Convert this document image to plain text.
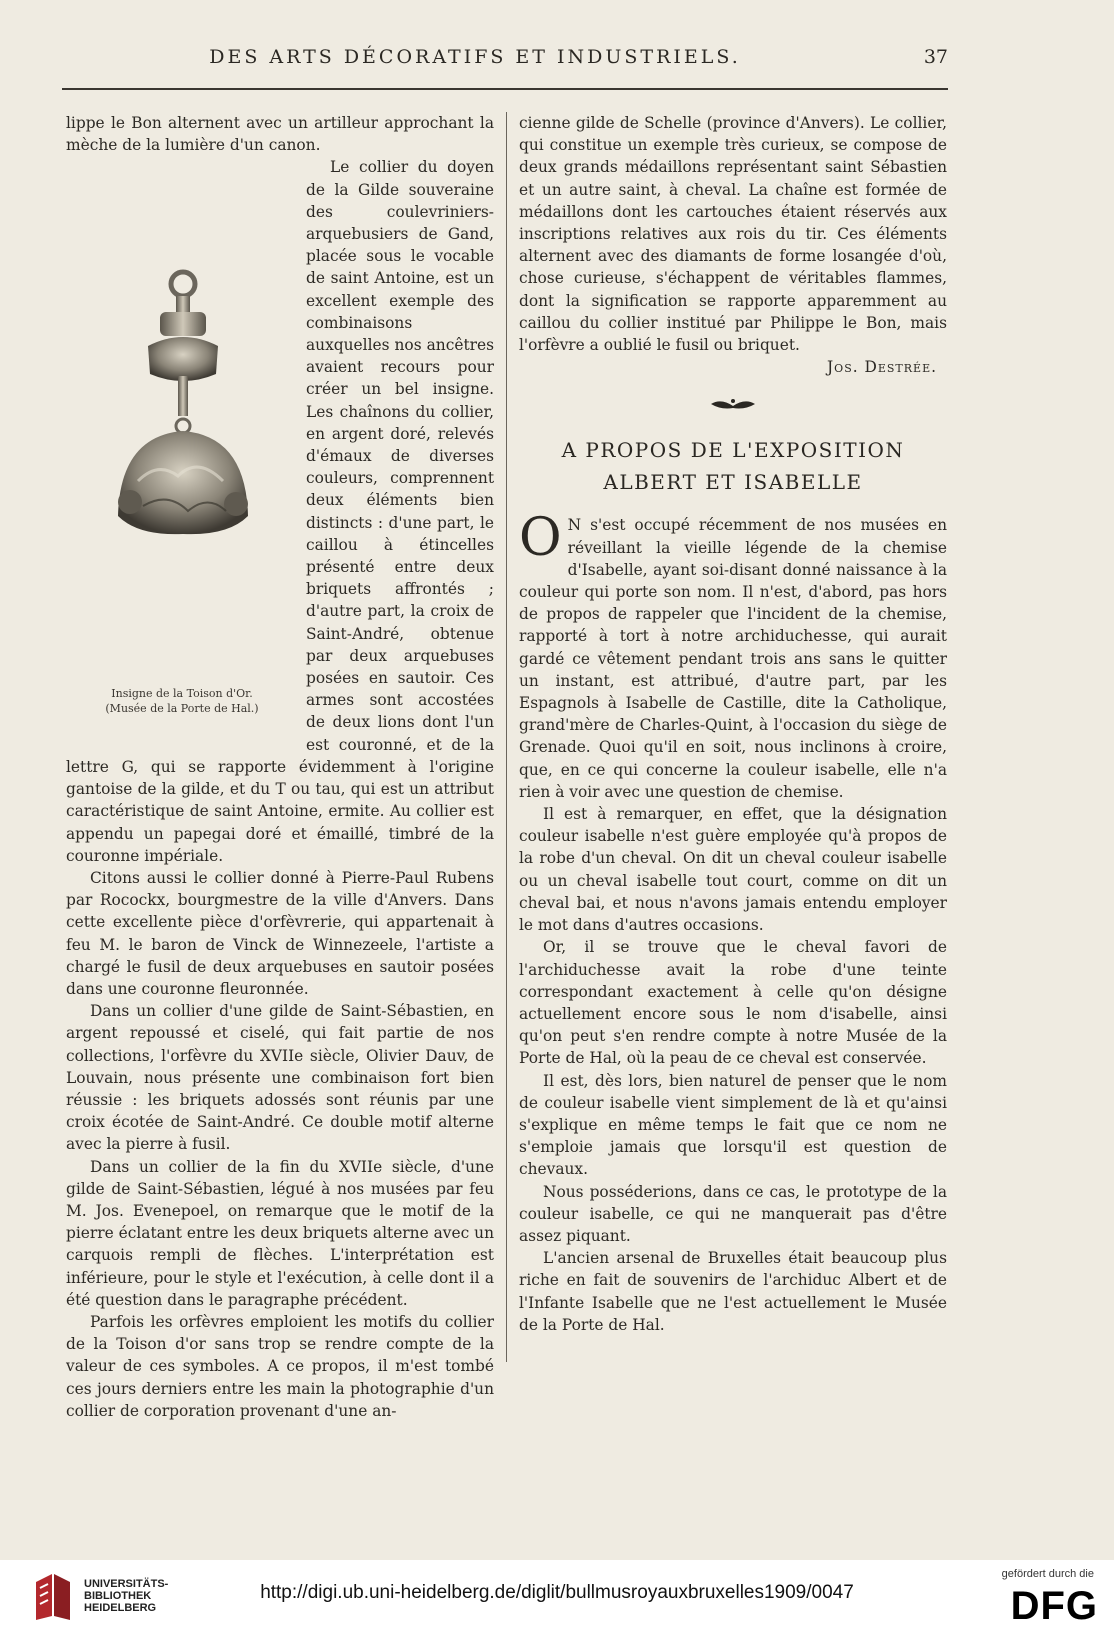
DES ARTS DÉCORATIFS ET INDUSTRIELS.	37

lippe le Bon alternent avec un artilleur approchant la mèche de la lumière d'un canon.

Insigne de la Toison d'Or.
(Musée de la Porte de Hal.)

Le collier du doyen de la Gilde souveraine des coulevriniers-arquebusiers de Gand, placée sous le vocable de saint Antoine, est un excellent exemple des combinaisons auxquelles nos ancêtres avaient recours pour créer un bel insigne. Les chaînons du collier, en argent doré, relevés d'émaux de diverses couleurs, comprennent deux éléments bien distincts : d'une part, le caillou à étincelles présenté entre deux briquets affrontés ; d'autre part, la croix de Saint-André, obtenue par deux arquebuses posées en sautoir. Ces armes sont accostées de deux lions dont l'un est couronné, et de la lettre G, qui se rapporte évidemment à l'origine gantoise de la gilde, et du T ou tau, qui est un attribut caractéristique de saint Antoine, ermite. Au collier est appendu un papegai doré et émaillé, timbré de la couronne impériale.

Citons aussi le collier donné à Pierre-Paul Rubens par Rocockx, bourgmestre de la ville d'Anvers. Dans cette excellente pièce d'orfèvrerie, qui appartenait à feu M. le baron de Vinck de Winnezeele, l'artiste a chargé le fusil de deux arquebuses en sautoir posées dans une couronne fleuronnée.

Dans un collier d'une gilde de Saint-Sébastien, en argent repoussé et ciselé, qui fait partie de nos collections, l'orfèvre du XVIIe siècle, Olivier Dauv, de Louvain, nous présente une combinaison fort bien réussie : les briquets adossés sont réunis par une croix écotée de Saint-André. Ce double motif alterne avec la pierre à fusil.

Dans un collier de la fin du XVIIe siècle, d'une gilde de Saint-Sébastien, légué à nos musées par feu M. Jos. Evenepoel, on remarque que le motif de la pierre éclatant entre les deux briquets alterne avec un carquois rempli de flèches. L'interprétation est inférieure, pour le style et l'exécution, à celle dont il a été question dans le paragraphe précédent.

Parfois les orfèvres emploient les motifs du collier de la Toison d'or sans trop se rendre compte de la valeur de ces symboles. A ce propos, il m'est tombé ces jours derniers entre les main la photographie d'un collier de corporation provenant d'une an-

cienne gilde de Schelle (province d'Anvers). Le collier, qui constitue un exemple très curieux, se compose de deux grands médaillons représentant saint Sébastien et un autre saint, à cheval. La chaîne est formée de médaillons dont les cartouches étaient réservés aux inscriptions relatives aux rois du tir. Ces éléments alternent avec des diamants de forme losangée d'où, chose curieuse, s'échappent de véritables flammes, dont la signification se rapporte apparemment au caillou du collier institué par Philippe le Bon, mais l'orfèvre a oublié le fusil ou briquet.

Jos. Destrée.

A PROPOS DE L'EXPOSITION
ALBERT ET ISABELLE

O N s'est occupé récemment de nos musées en réveillant la vieille légende de la chemise d'Isabelle, ayant soi-disant donné naissance à la couleur qui porte son nom. Il n'est, d'abord, pas hors de propos de rappeler que l'incident de la chemise, rapporté à tort à notre archiduchesse, qui aurait gardé ce vêtement pendant trois ans sans le quitter un instant, est attribué, d'autre part, par les Espagnols à Isabelle de Castille, dite la Catholique, grand'mère de Charles-Quint, à l'occasion du siège de Grenade. Quoi qu'il en soit, nous inclinons à croire, que, en ce qui concerne la couleur isabelle, elle n'a rien à voir avec une question de chemise.

Il est à remarquer, en effet, que la désignation couleur isabelle n'est guère employée qu'à propos de la robe d'un cheval. On dit un cheval couleur isabelle ou un cheval isabelle tout court, comme on dit un cheval bai, et nous n'avons jamais entendu employer le mot dans d'autres occasions.

Or, il se trouve que le cheval favori de l'archiduchesse avait la robe d'une teinte correspondant exactement à celle qu'on désigne actuellement encore sous le nom d'isabelle, ainsi qu'on peut s'en rendre compte à notre Musée de la Porte de Hal, où la peau de ce cheval est conservée.

Il est, dès lors, bien naturel de penser que le nom de couleur isabelle vient simplement de là et qu'ainsi s'explique en même temps le fait que ce nom ne s'emploie jamais que lorsqu'il est question de chevaux.

Nous posséderions, dans ce cas, le prototype de la couleur isabelle, ce qui ne manquerait pas d'être assez piquant.

L'ancien arsenal de Bruxelles était beaucoup plus riche en fait de souvenirs de l'archiduc Albert et de l'Infante Isabelle que ne l'est actuellement le Musée de la Porte de Hal.

UNIVERSITÄTS-
BIBLIOTHEK
HEIDELBERG
http://digi.ub.uni-heidelberg.de/diglit/bullmusroyauxbruxelles1909/0047
gefördert durch die
DFG
